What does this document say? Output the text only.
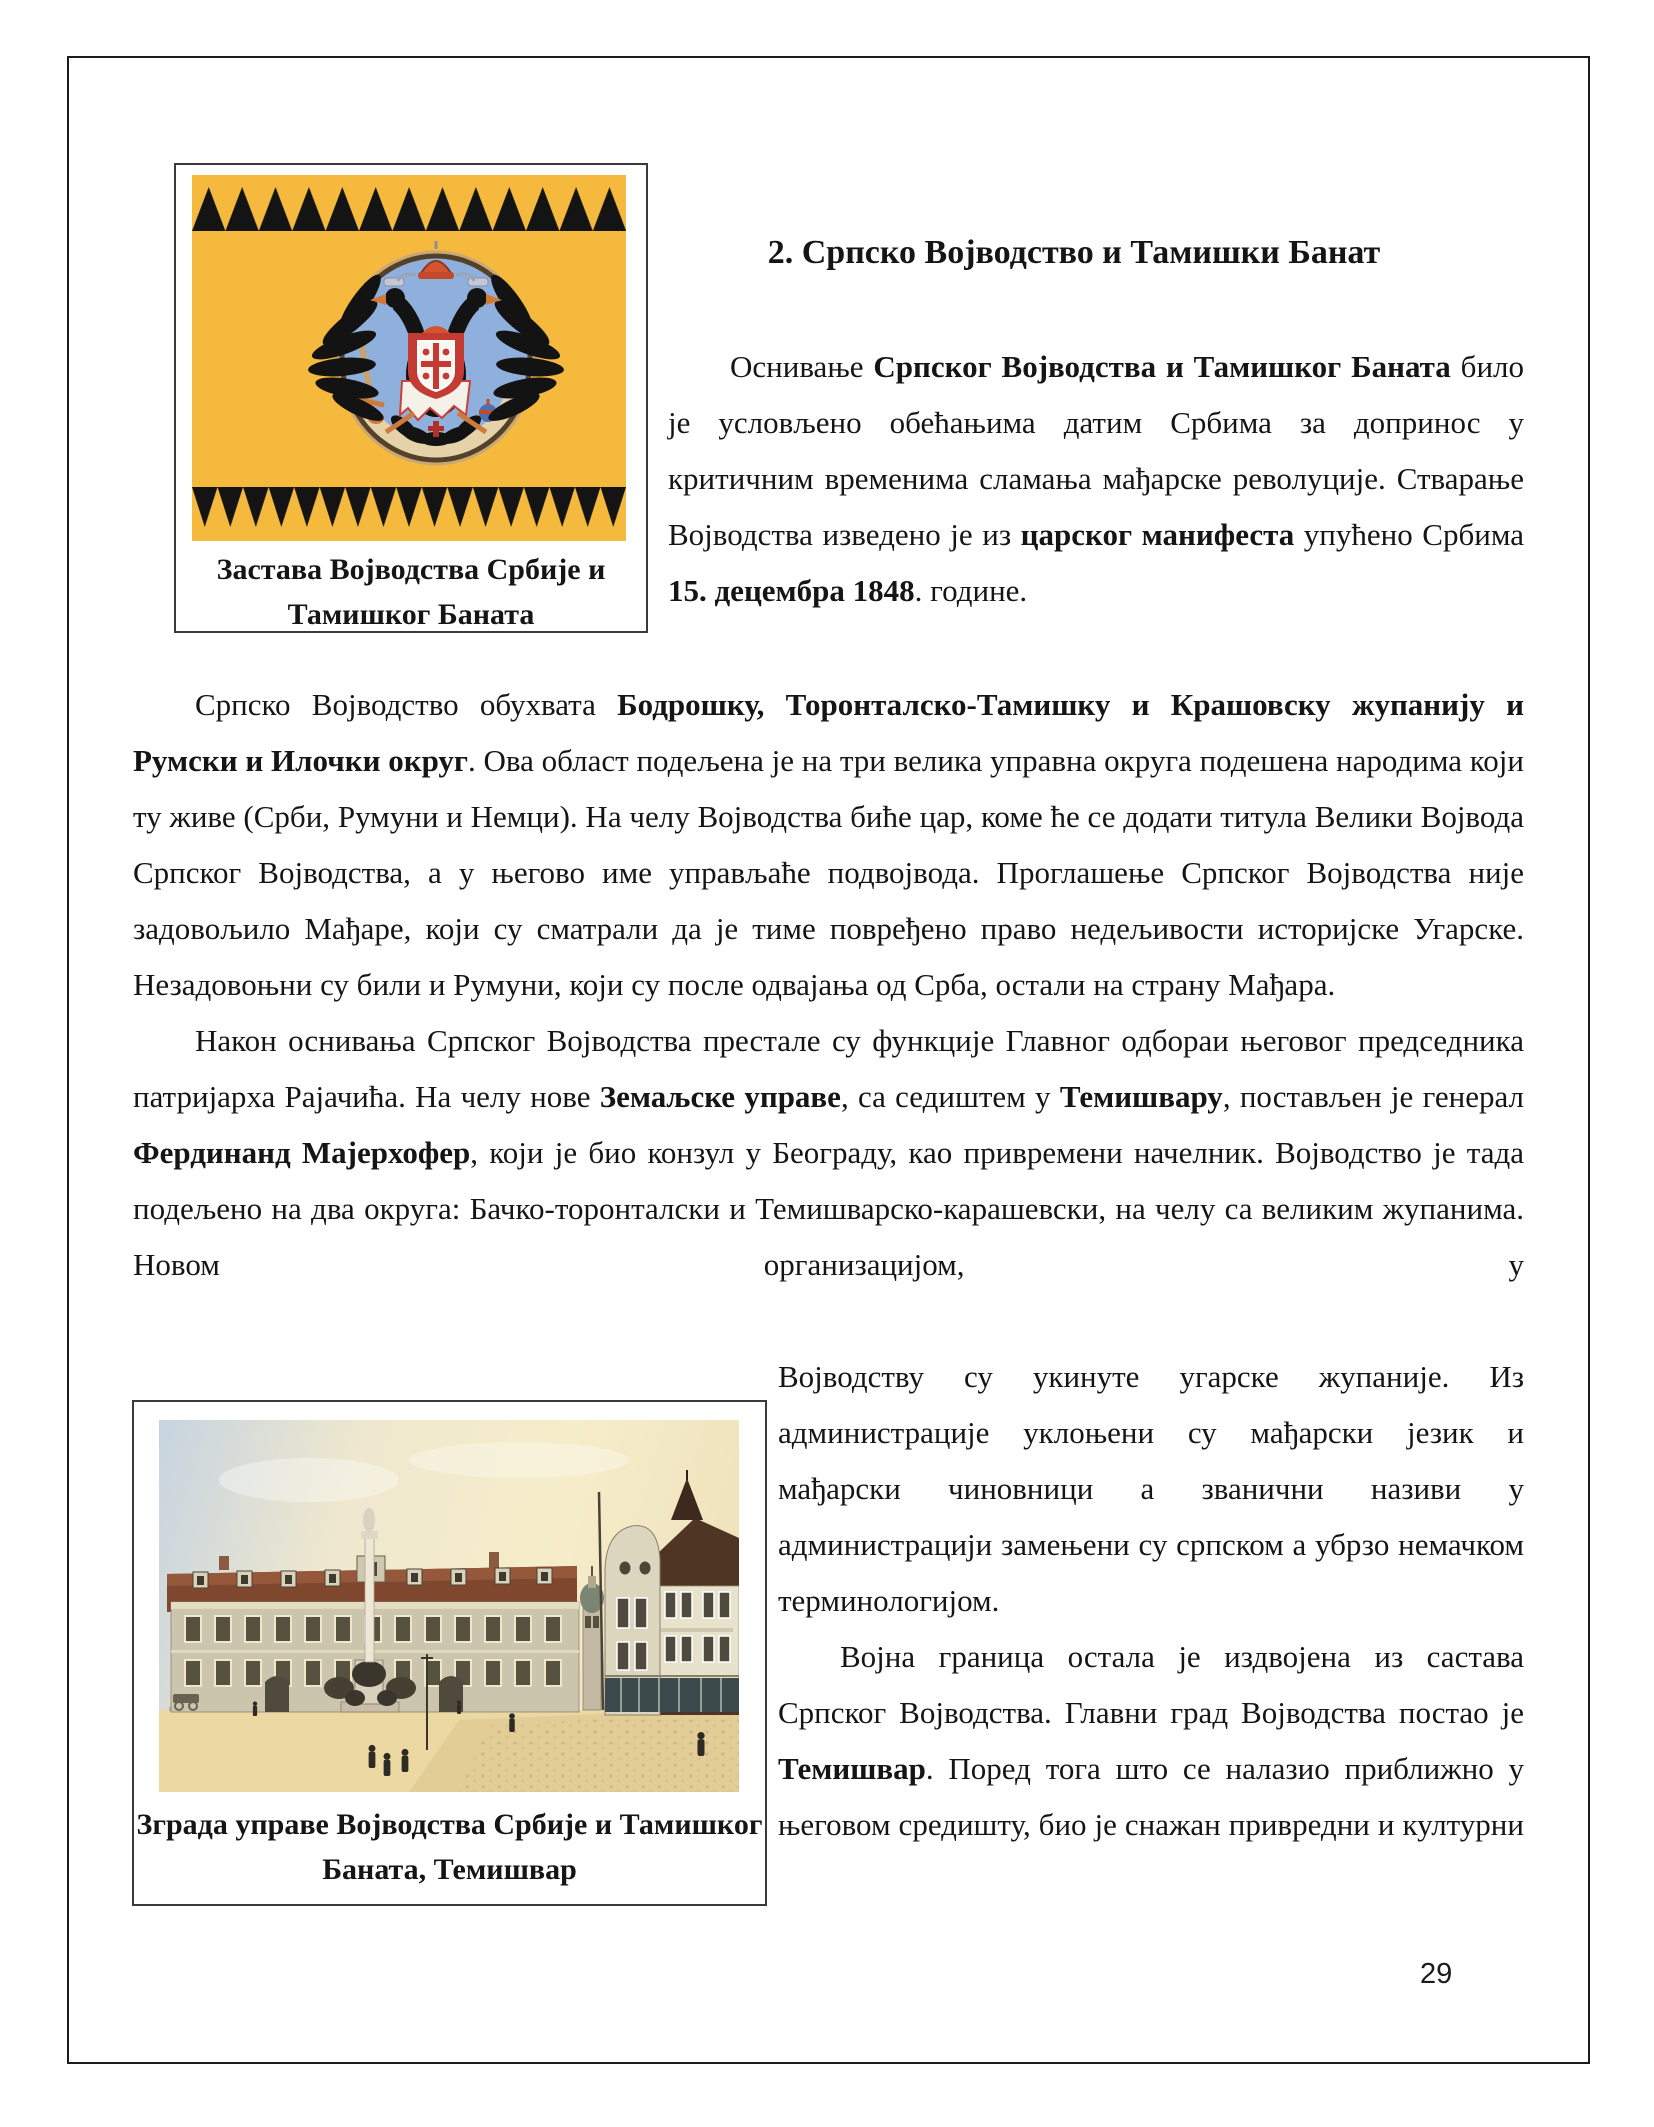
Застава Војводства Србије и Тамишког Баната
2. Српско Војводство и Тамишки Банат
Оснивање Српског Војводства и Тамишког Баната било је условљено обећањима датим Србима за допринос у критичним временима сламања мађарске револуције. Стварање Војводства изведено је из царског манифеста упућено Србима 15. децембра 1848. године.
Српско Војводство обухвата Бодрошку, Торонталско-Тамишку и Крашовску жупанију и Румски и Илочки округ. Ова област подељена је на три велика управна округа подешена народима који ту живе (Срби, Румуни и Немци). На челу Војводства биће цар, коме ће се додати титула Велики Војвода Српског Војводства, а у његово име управљаће подвојвода. Проглашење Српског Војводства није задовољило Мађаре, који су сматрали да је тиме повређено право недељивости историјске Угарске. Незадовоњни су били и Румуни, који су после одвајања од Срба, остали на страну Мађара.
Након оснивања Српског Војводства престале су функције Главног одбораи његовог председника патријарха Рајачића. На челу нове Земаљске управе, са седиштем у Темишвару, постављен је генерал Фердинанд Мајерхофер, који је био конзул у Београду, као привремени начелник. Војводство је тада подељено на два округа: Бачко-торонталски и Темишварско-карашевски, на челу са великим жупанима. Новом организацијом, у
Зграда управе Војводства Србије и Тамишког Баната, Темишвар
Војводству су укинуте угарске жупаније. Из администрације уклоњени су мађарски језик и мађарски чиновници а званични називи у администрацији замењени су српском а убрзо немачком терминологијом.
Војна граница остала је издвојена из састава Српског Војводства. Главни град Војводства постао је Темишвар. Поред тога што се налазио приближно у његовом средишту, био је снажан привредни и културни
29
